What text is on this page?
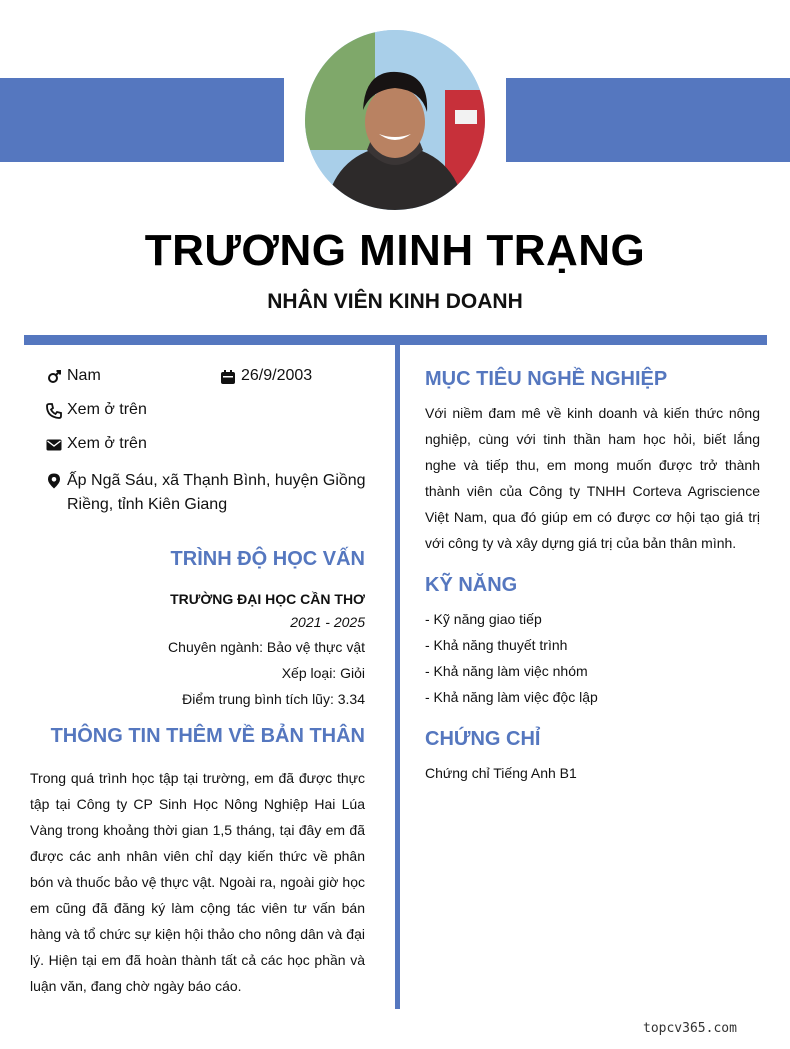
TRƯƠNG MINH TRẠNG
NHÂN VIÊN KINH DOANH
Nam	26/9/2003
Xem ở trên
Xem ở trên
Ấp Ngã Sáu, xã Thạnh Bình, huyện Giồng
Riềng, tỉnh Kiên Giang
TRÌNH ĐỘ HỌC VẤN
TRƯỜNG ĐẠI HỌC CẦN THƠ
2021 - 2025
Chuyên ngành: Bảo vệ thực vật
Xếp loại: Giỏi
Điểm trung bình tích lũy: 3.34
THÔNG TIN THÊM VỀ BẢN THÂN
Trong quá trình học tập tại trường, em đã được thực tập tại Công ty CP Sinh Học Nông Nghiệp Hai Lúa Vàng trong khoảng thời gian 1,5 tháng, tại đây em đã được các anh nhân viên chỉ dạy kiến thức về phân bón và thuốc bảo vệ thực vật. Ngoài ra, ngoài giờ học em cũng đã đăng ký làm cộng tác viên tư vấn bán hàng và tổ chức sự kiện hội thảo cho nông dân và đại lý. Hiện tại em đã hoàn thành tất cả các học phần và luận văn, đang chờ ngày báo cáo.
MỤC TIÊU NGHỀ NGHIỆP
Với niềm đam mê về kinh doanh và kiến thức nông nghiệp, cùng với tinh thần ham học hỏi, biết lắng nghe và tiếp thu, em mong muốn được trở thành thành viên của Công ty TNHH Corteva Agriscience Việt Nam, qua đó giúp em có được cơ hội tạo giá trị với công ty và xây dựng giá trị của bản thân mình.
KỸ NĂNG
- Kỹ năng giao tiếp
- Khả năng thuyết trình
- Khả năng làm việc nhóm
- Khả năng làm việc độc lập
CHỨNG CHỈ
Chứng chỉ Tiếng Anh B1
topcv365.com
